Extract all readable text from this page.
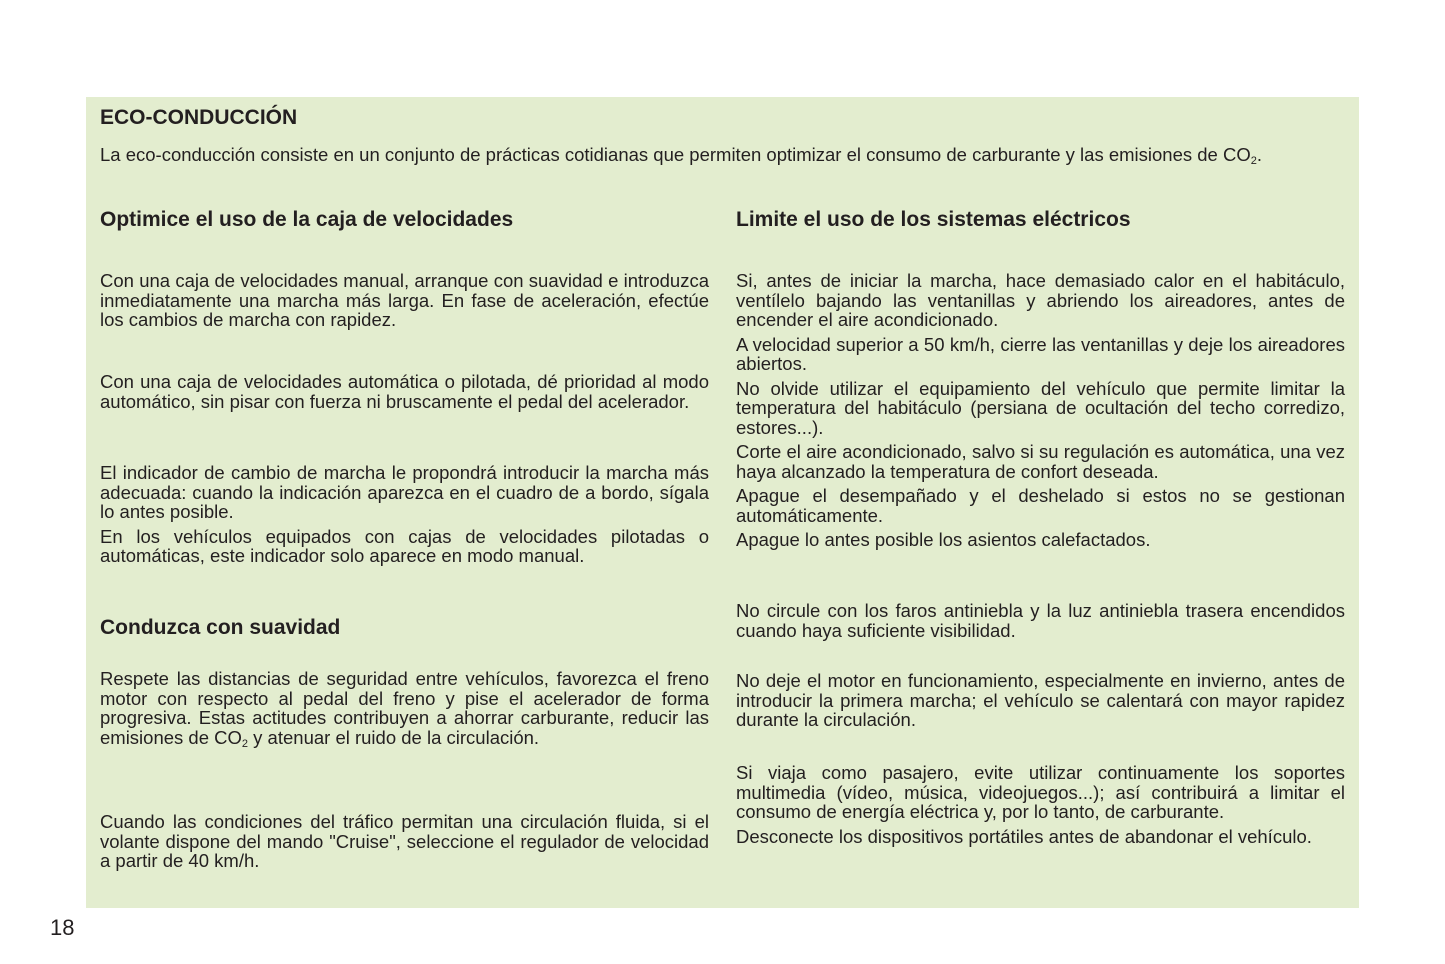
ECO-CONDUCCIÓN

La eco-conducción consiste en un conjunto de prácticas cotidianas que permiten optimizar el consumo de carburante y las emisiones de $CO_2$.

Optimice el uso de la caja de velocidades

Con una caja de velocidades manual, arranque con suavidad e introduzca inmediatamente una marcha más larga. En fase de aceleración, efectúe los cambios de marcha con rapidez.

Con una caja de velocidades automática o pilotada, dé prioridad al modo automático, sin pisar con fuerza ni bruscamente el pedal del acelerador.

El indicador de cambio de marcha le propondrá introducir la marcha más adecuada: cuando la indicación aparezca en el cuadro de a bordo, sígala lo antes posible.

En los vehículos equipados con cajas de velocidades pilotadas o automáticas, este indicador solo aparece en modo manual.

Conduzca con suavidad

Respete las distancias de seguridad entre vehículos, favorezca el freno motor con respecto al pedal del freno y pise el acelerador de forma progresiva. Estas actitudes contribuyen a ahorrar carburante, reducir las emisiones de $CO_2$ y atenuar el ruido de la circulación.

Cuando las condiciones del tráfico permitan una circulación fluida, si el volante dispone del mando "Cruise", seleccione el regulador de velocidad a partir de 40 km/h.

Limite el uso de los sistemas eléctricos

Si, antes de iniciar la marcha, hace demasiado calor en el habitáculo, ventílelo bajando las ventanillas y abriendo los aireadores, antes de encender el aire acondicionado.

A velocidad superior a 50 km/h, cierre las ventanillas y deje los aireadores abiertos.

No olvide utilizar el equipamiento del vehículo que permite limitar la temperatura del habitáculo (persiana de ocultación del techo corredizo, estores...).

Corte el aire acondicionado, salvo si su regulación es automática, una vez haya alcanzado la temperatura de confort deseada.

Apague el desempañado y el deshelado si estos no se gestionan automáticamente.

Apague lo antes posible los asientos calefactados.

No circule con los faros antiniebla y la luz antiniebla trasera encendidos cuando haya suficiente visibilidad.

No deje el motor en funcionamiento, especialmente en invierno, antes de introducir la primera marcha; el vehículo se calentará con mayor rapidez durante la circulación.

Si viaja como pasajero, evite utilizar continuamente los soportes multimedia (vídeo, música, videojuegos...); así contribuirá a limitar el consumo de energía eléctrica y, por lo tanto, de carburante.

Desconecte los dispositivos portátiles antes de abandonar el vehículo.

18
